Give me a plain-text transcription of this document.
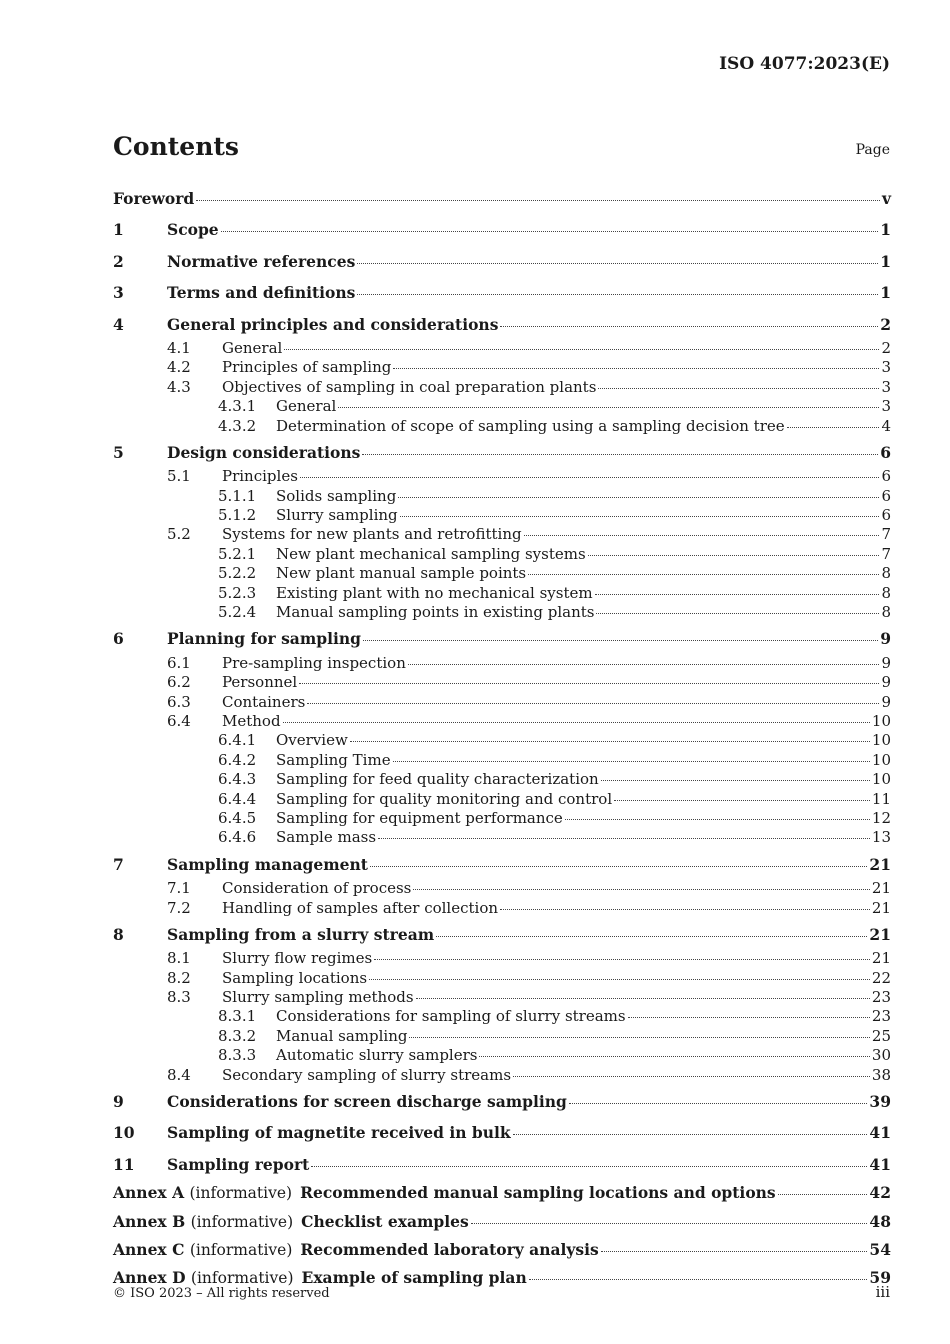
ISO 4077:2023(E)
Contents	Page
Foreword	v
1	Scope	1
2	Normative references	1
3	Terms and definitions	1
4	General principles and considerations	2
4.1	General	2
4.2	Principles of sampling	3
4.3	Objectives of sampling in coal preparation plants	3
4.3.1	General	3
4.3.2	Determination of scope of sampling using a sampling decision tree	4
5	Design considerations	6
5.1	Principles	6
5.1.1	Solids sampling	6
5.1.2	Slurry sampling	6
5.2	Systems for new plants and retrofitting	7
5.2.1	New plant mechanical sampling systems	7
5.2.2	New plant manual sample points	8
5.2.3	Existing plant with no mechanical system	8
5.2.4	Manual sampling points in existing plants	8
6	Planning for sampling	9
6.1	Pre-sampling inspection	9
6.2	Personnel	9
6.3	Containers	9
6.4	Method	10
6.4.1	Overview	10
6.4.2	Sampling Time	10
6.4.3	Sampling for feed quality characterization	10
6.4.4	Sampling for quality monitoring and control	11
6.4.5	Sampling for equipment performance	12
6.4.6	Sample mass	13
7	Sampling management	21
7.1	Consideration of process	21
7.2	Handling of samples after collection	21
8	Sampling from a slurry stream	21
8.1	Slurry flow regimes	21
8.2	Sampling locations	22
8.3	Slurry sampling methods	23
8.3.1	Considerations for sampling of slurry streams	23
8.3.2	Manual sampling	25
8.3.3	Automatic slurry samplers	30
8.4	Secondary sampling of slurry streams	38
9	Considerations for screen discharge sampling	39
10	Sampling of magnetite received in bulk	41
11	Sampling report	41
Annex A (informative) Recommended manual sampling locations and options	42
Annex B (informative) Checklist examples	48
Annex C (informative) Recommended laboratory analysis	54
Annex D (informative) Example of sampling plan	59
© ISO 2023 – All rights reserved	iii
